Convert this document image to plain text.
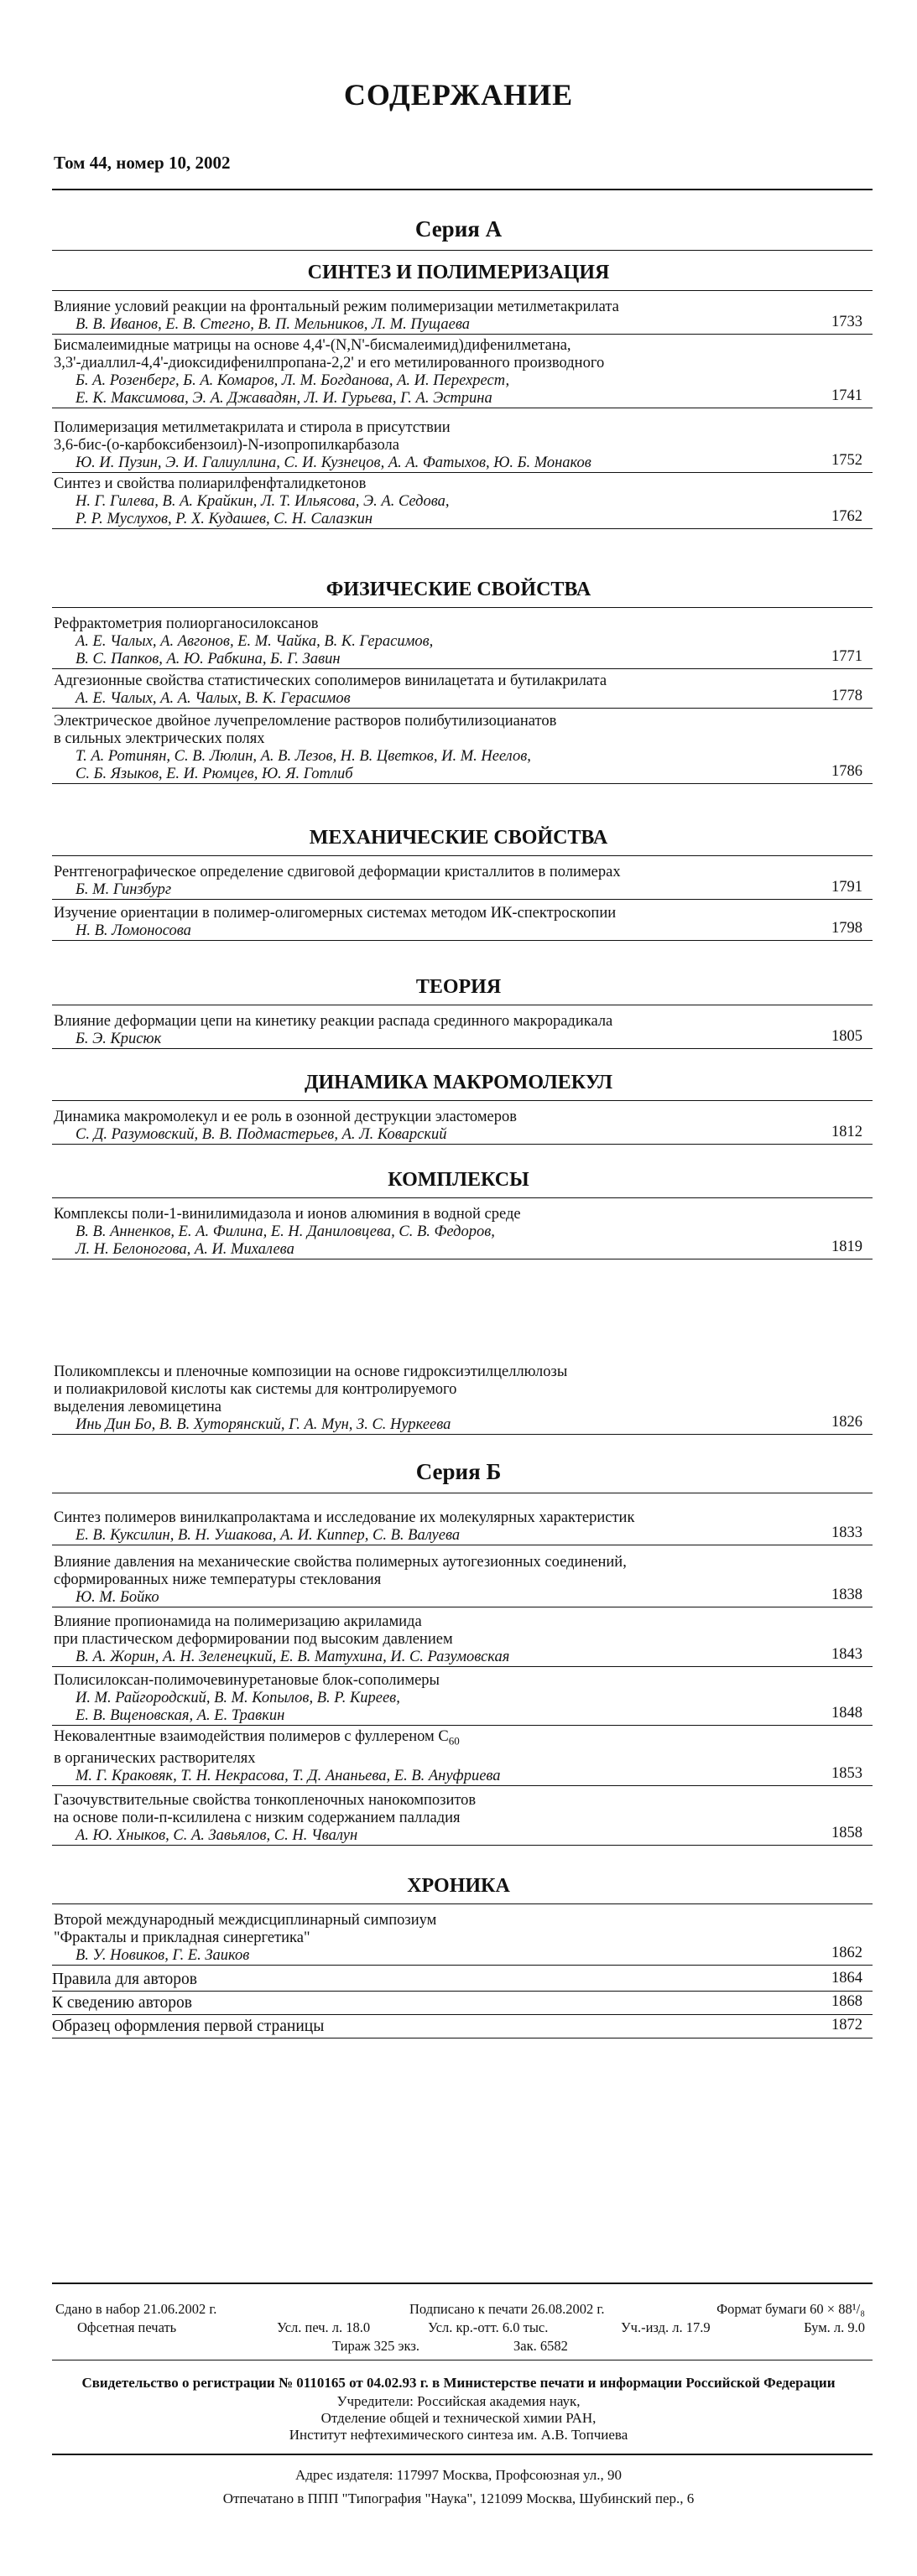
СОДЕРЖАНИЕ
Том 44, номер 10, 2002
Серия А
СИНТЕЗ И ПОЛИМЕРИЗАЦИЯ
Влияние условий реакции на фронтальный режим полимеризации метилметакрилата
В. В. Иванов, Е. В. Стегно, В. П. Мельников, Л. М. Пущаева	1733
Бисмалеимидные матрицы на основе 4,4'-(N,N'-бисмалеимид)дифенилметана,
3,3'-диаллил-4,4'-диоксидифенилпропана-2,2' и его метилированного производного
Б. А. Розенберг, Б. А. Комаров, Л. М. Богданова, А. И. Перехрест,
Е. К. Максимова, Э. А. Джавадян, Л. И. Гурьева, Г. А. Эстрина	1741
Полимеризация метилметакрилата и стирола в присутствии
3,6-бис-(о-карбоксибензоил)-N-изопропилкарбазола
Ю. И. Пузин, Э. И. Галиуллина, С. И. Кузнецов, А. А. Фатыхов, Ю. Б. Монаков	1752
Синтез и свойства полиарилфенфталидкетонов
Н. Г. Гилева, В. А. Крайкин, Л. Т. Ильясова, Э. А. Седова,
Р. Р. Муслухов, Р. Х. Кудашев, С. Н. Салазкин	1762
ФИЗИЧЕСКИЕ СВОЙСТВА
Рефрактометрия полиорганосилоксанов
А. Е. Чалых, А. Авгонов, Е. М. Чайка, В. К. Герасимов,
В. С. Папков, А. Ю. Рабкина, Б. Г. Завин	1771
Адгезионные свойства статистических сополимеров винилацетата и бутилакрилата
А. Е. Чалых, А. А. Чалых, В. К. Герасимов	1778
Электрическое двойное лучепреломление растворов полибутилизоцианатов
в сильных электрических полях
Т. А. Ротинян, С. В. Люлин, А. В. Лезов, Н. В. Цветков, И. М. Неелов,
С. Б. Языков, Е. И. Рюмцев, Ю. Я. Готлиб	1786
МЕХАНИЧЕСКИЕ СВОЙСТВА
Рентгенографическое определение сдвиговой деформации кристаллитов в полимерах
Б. М. Гинзбург	1791
Изучение ориентации в полимер-олигомерных системах методом ИК-спектроскопии
Н. В. Ломоносова	1798
ТЕОРИЯ
Влияние деформации цепи на кинетику реакции распада срединного макрорадикала
Б. Э. Крисюк	1805
ДИНАМИКА МАКРОМОЛЕКУЛ
Динамика макромолекул и ее роль в озонной деструкции эластомеров
С. Д. Разумовский, В. В. Подмастерьев, А. Л. Коварский	1812
КОМПЛЕКСЫ
Комплексы поли-1-винилимидазола и ионов алюминия в водной среде
В. В. Анненков, Е. А. Филина, Е. Н. Даниловцева, С. В. Федоров,
Л. Н. Белоногова, А. И. Михалева	1819
Поликомплексы и пленочные композиции на основе гидроксиэтилцеллюлозы
и полиакриловой кислоты как системы для контролируемого
выделения левомицетина
Инь Дин Бо, В. В. Хуторянский, Г. А. Мун, З. С. Нуркеева	1826
Серия Б
Синтез полимеров винилкапролактама и исследование их молекулярных характеристик
Е. В. Куксилин, В. Н. Ушакова, А. И. Киппер, С. В. Валуева	1833
Влияние давления на механические свойства полимерных аутогезионных соединений,
сформированных ниже температуры стеклования
Ю. М. Бойко	1838
Влияние пропионамида на полимеризацию акриламида
при пластическом деформировании под высоким давлением
В. А. Жорин, А. Н. Зеленецкий, Е. В. Матухина, И. С. Разумовская	1843
Полисилоксан-полимочевинуретановые блок-сополимеры
И. М. Райгородский, В. М. Копылов, В. Р. Киреев,
Е. В. Вщеновская, А. Е. Травкин	1848
Нековалентные взаимодействия полимеров с фуллереном $C_{60}$
в органических растворителях
М. Г. Краковяк, Т. Н. Некрасова, Т. Д. Ананьева, Е. В. Ануфриева	1853
Газочувствительные свойства тонкопленочных нанокомпозитов
на основе поли-п-ксилилена с низким содержанием палладия
А. Ю. Хныков, С. А. Завьялов, С. Н. Чвалун	1858
ХРОНИКА
Второй международный междисциплинарный симпозиум
"Фракталы и прикладная синергетика"
В. У. Новиков, Г. Е. Заиков	1862
Правила для авторов	1864
К сведению авторов	1868
Образец оформления первой страницы	1872
Сдано в набор 21.06.2002 г.	Подписано к печати 26.08.2002 г.	Формат бумаги 60 × 88¹/₈
Офсетная печать	Усл. печ. л. 18.0	Усл. кр.-отт. 6.0 тыс.	Уч.-изд. л. 17.9	Бум. л. 9.0
Тираж 325 экз.	Зак. 6582
Свидетельство о регистрации № 0110165 от 04.02.93 г. в Министерстве печати и информации Российской Федерации
Учредители: Российская академия наук,
Отделение общей и технической химии РАН,
Институт нефтехимического синтеза им. А.В. Топчиева
Адрес издателя: 117997 Москва, Профсоюзная ул., 90
Отпечатано в ППП "Типография "Наука", 121099 Москва, Шубинский пер., 6
